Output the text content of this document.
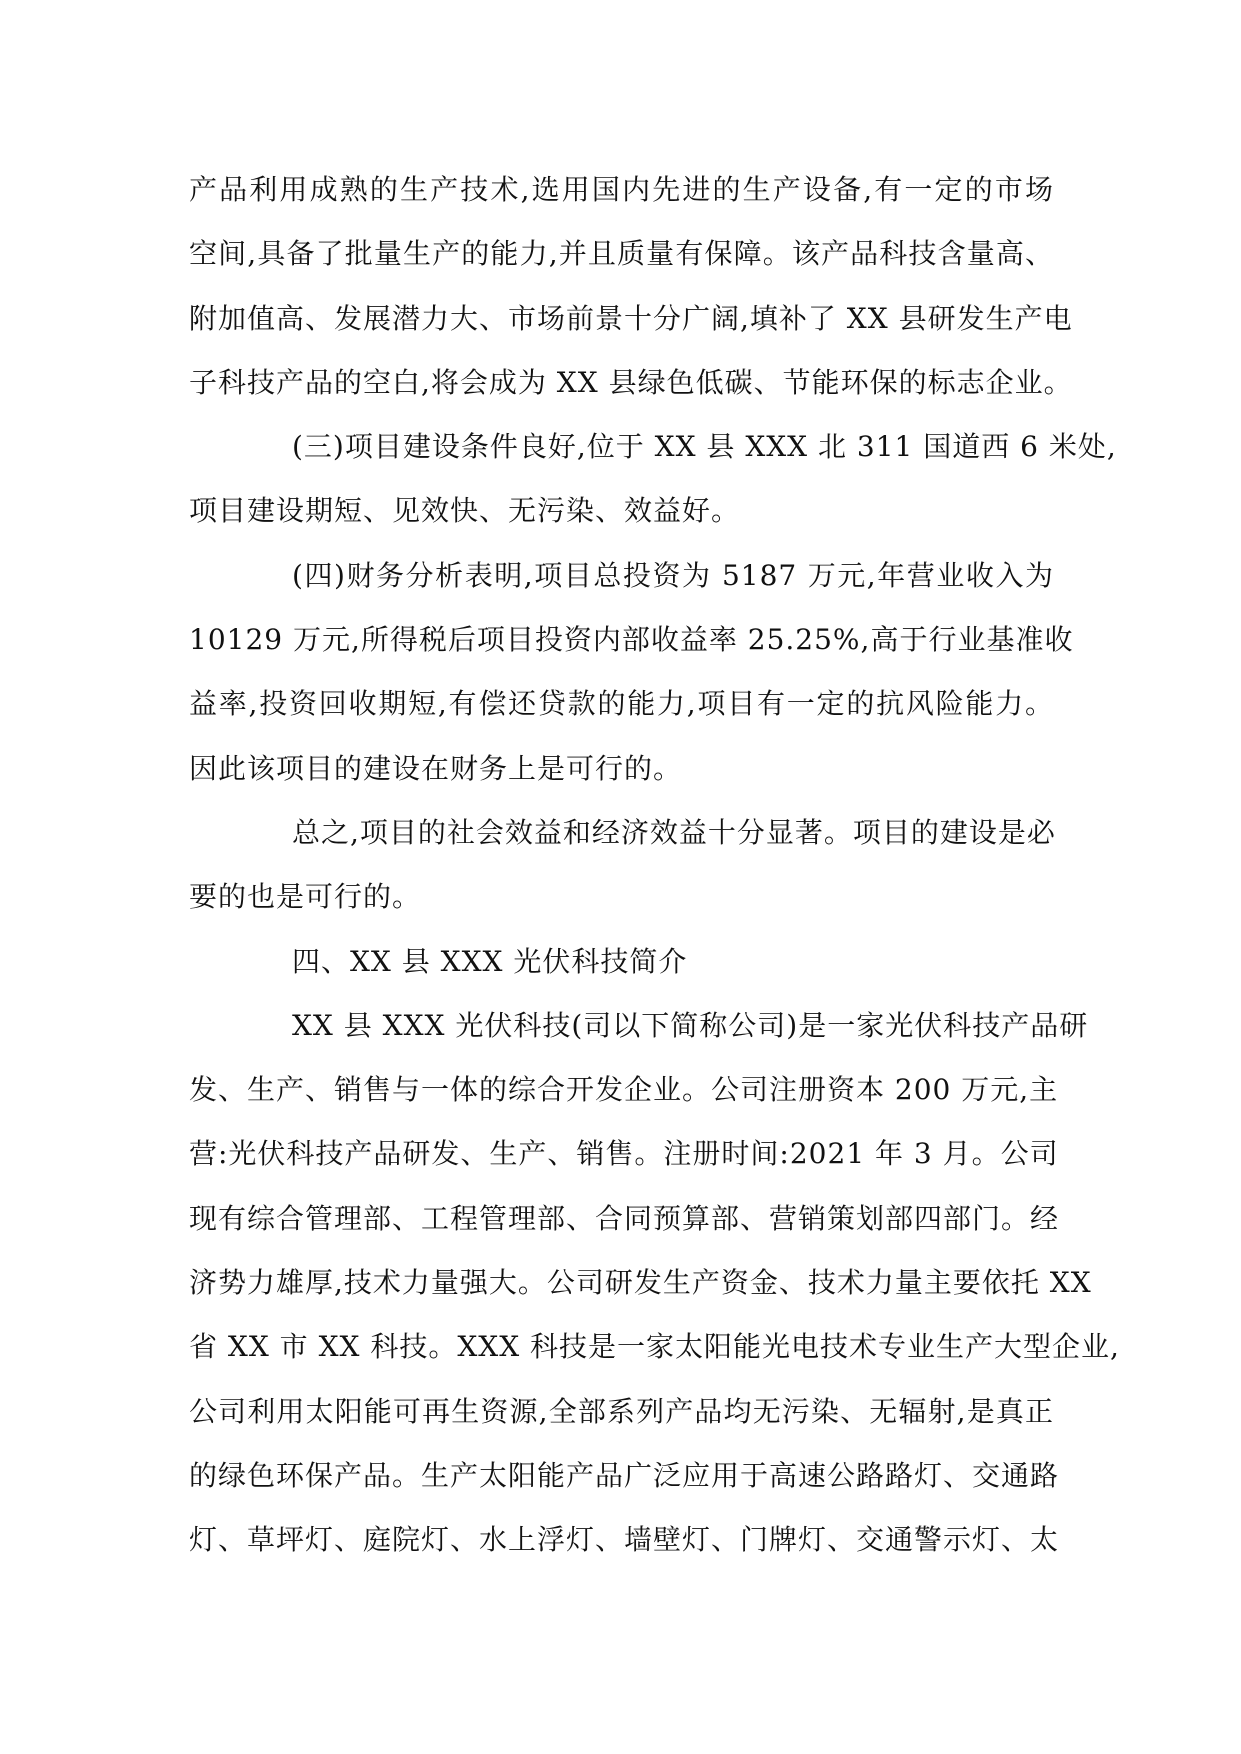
产品利用成熟的生产技术,选用国内先进的生产设备,有一定的市场
空间,具备了批量生产的能力,并且质量有保障。该产品科技含量高、
附加值高、发展潜力大、市场前景十分广阔,填补了 XX 县研发生产电
子科技产品的空白,将会成为 XX 县绿色低碳、节能环保的标志企业。
(三)项目建设条件良好,位于 XX 县 XXX 北 311 国道西 6 米处,
项目建设期短、见效快、无污染、效益好。
(四)财务分析表明,项目总投资为 5187 万元,年营业收入为
10129 万元,所得税后项目投资内部收益率 25.25%,高于行业基准收
益率,投资回收期短,有偿还贷款的能力,项目有一定的抗风险能力。
因此该项目的建设在财务上是可行的。
总之,项目的社会效益和经济效益十分显著。项目的建设是必
要的也是可行的。
四、XX 县 XXX 光伏科技简介
XX 县 XXX 光伏科技(司以下简称公司)是一家光伏科技产品研
发、生产、销售与一体的综合开发企业。公司注册资本 200 万元,主
营:光伏科技产品研发、生产、销售。注册时间:2021 年 3 月。公司
现有综合管理部、工程管理部、合同预算部、营销策划部四部门。经
济势力雄厚,技术力量强大。公司研发生产资金、技术力量主要依托 XX
省 XX 市 XX 科技。XXX 科技是一家太阳能光电技术专业生产大型企业,
公司利用太阳能可再生资源,全部系列产品均无污染、无辐射,是真正
的绿色环保产品。生产太阳能产品广泛应用于高速公路路灯、交通路
灯、草坪灯、庭院灯、水上浮灯、墙壁灯、门牌灯、交通警示灯、太
